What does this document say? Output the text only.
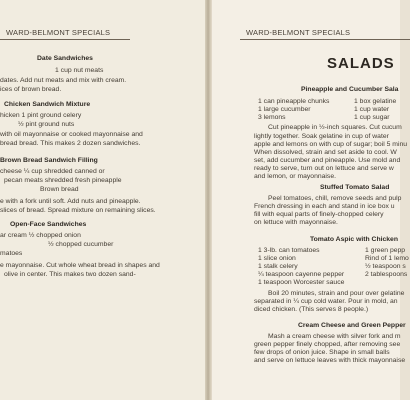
WARD-BELMONT SPECIALS
Date Sandwiches
1 cup nut meats
dates. Add nut meats and mix with cream.
ices of brown bread.
Chicken Sandwich Mixture
hicken 1 pint ground celery
½ pint ground nuts
with oil mayonnaise or cooked mayonnaise and
bread bread. This makes 2 dozen sandwiches.
Brown Bread Sandwich Filling
cheese ¼ cup shredded canned or
pecan meats shredded fresh pineapple
Brown bread
e with a fork until soft. Add nuts and pineapple.
slices of bread. Spread mixture on remaining slices.
Open-Face Sandwiches
ar cream ½ chopped onion
½ chopped cucumber
matoes
e mayonnaise. Cut whole wheat bread in shapes and
olive in center. This makes two dozen sand-
WARD-BELMONT SPECIALS
SALADS
Pineapple and Cucumber Sala
1 can pineapple chunks
1 large cucumber
3 lemons
1 box gelatine
1 cup water
1 cup sugar
Cut pineapple in ½-inch squares. Cut cucum
lightly together. Soak gelatine in cup of water
apple and lemons on with cup of sugar; boil 5 minu
When dissolved, strain and set aside to cool. W
set, add cucumber and pineapple. Use mold and
ready to serve, turn out on lettuce and serve w
and lemon, or mayonnaise.
Stuffed Tomato Salad
Peel tomatoes, chill, remove seeds and pulp
French dressing in each and stand in ice box u
fill with equal parts of finely-chopped celery
on lettuce with mayonnaise.
Tomato Aspic with Chicken
1 3-lb. can tomatoes
1 slice onion
1 stalk celery
¼ teaspoon cayenne pepper
1 teaspoon Worcester sauce
1 green pepp
Rind of 1 lemo
½ teaspoon s
2 tablespoons
Boil 20 minutes, strain and pour over gelatine
separated in ¼ cup cold water. Pour in mold, an
diced chicken. (This serves 8 people.)
Cream Cheese and Green Pepper
Mash a cream cheese with silver fork and m
green pepper finely chopped, after removing see
few drops of onion juice. Shape in small balls
and serve on lettuce leaves with thick mayonnaise
